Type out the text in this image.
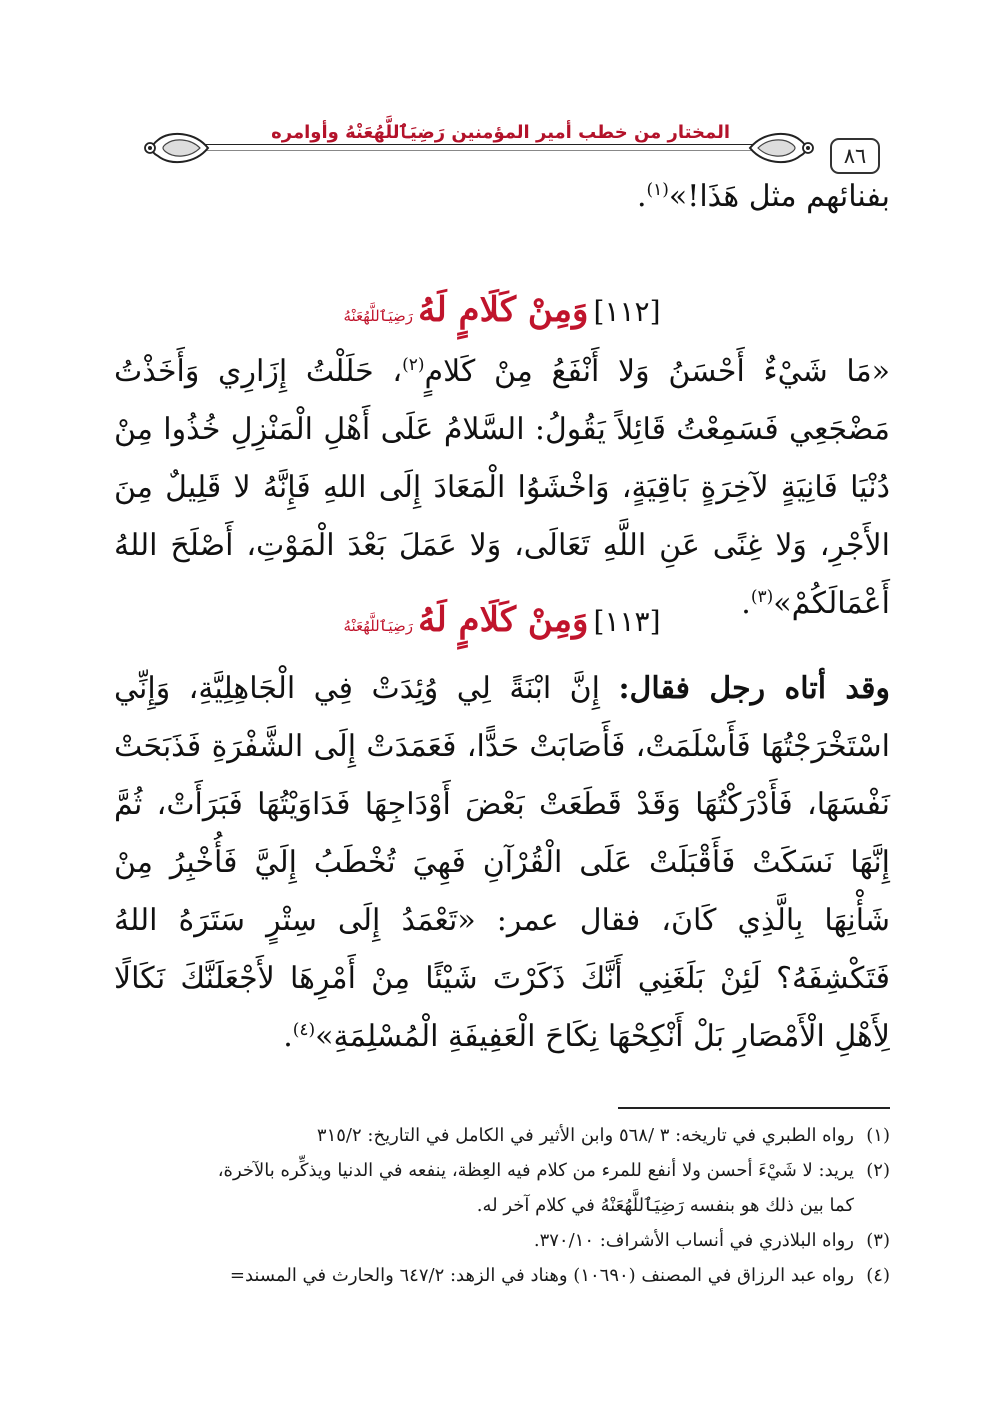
٨٦
المختار من خطب أمير المؤمنين رَضِيَٱللَّهُعَنْهُ وأوامره

بفنائهم مثل هَذَا!»$^{(١)}$.

[١١٢] وَمِنْ كَلَامٍ لَهُ رَضِيَٱللَّهُعَنْهُ

«مَا شَيْءٌ أَحْسَنُ وَلا أَنْفَعُ مِنْ كَلامٍ$^{(٢)}$، حَلَلْتُ إِزَارِي وَأَخَذْتُ مَضْجَعِي فَسَمِعْتُ قَائِلاً يَقُولُ: السَّلامُ عَلَى أَهْلِ الْمَنْزِلِ خُذُوا مِنْ دُنْيَا فَانِيَةٍ لآخِرَةٍ بَاقِيَةٍ، وَاخْشَوُا الْمَعَادَ إِلَى اللهِ فَإِنَّهُ لا قَلِيلٌ مِنَ الأَجْرِ، وَلا غِنًى عَنِ اللَّهِ تَعَالَى، وَلا عَمَلَ بَعْدَ الْمَوْتِ، أَصْلَحَ اللهُ أَعْمَالَكُمْ»$^{(٣)}$.

[١١٣] وَمِنْ كَلَامٍ لَهُ رَضِيَٱللَّهُعَنْهُ

وقد أتاه رجل فقال: إِنَّ ابْنَةً لِي وُئِدَتْ فِي الْجَاهِلِيَّةِ، وَإِنِّي اسْتَخْرَجْتُهَا فَأَسْلَمَتْ، فَأَصَابَتْ حَدًّا، فَعَمَدَتْ إِلَى الشَّفْرَةِ فَذَبَحَتْ نَفْسَهَا، فَأَدْرَكْتُهَا وَقَدْ قَطَعَتْ بَعْضَ أَوْدَاجِهَا فَدَاوَيْتُهَا فَبَرَأَتْ، ثُمَّ إِنَّهَا نَسَكَتْ فَأَقْبَلَتْ عَلَى الْقُرْآنِ فَهِيَ تُخْطَبُ إِلَيَّ فَأُخْبِرُ مِنْ شَأْنِهَا بِالَّذِي كَانَ، فقال عمر: «تَعْمَدُ إِلَى سِتْرٍ سَتَرَهُ اللهُ فَتَكْشِفَهُ؟ لَئِنْ بَلَغَنِي أَنَّكَ ذَكَرْتَ شَيْئًا مِنْ أَمْرِهَا لأَجْعَلَنَّكَ نَكَالًا لِأَهْلِ الْأَمْصَارِ بَلْ أَنْكِحْهَا نِكَاحَ الْعَفِيفَةِ الْمُسْلِمَةِ»$^{(٤)}$.

(١)رواه الطبري في تاريخه: ٣ /٥٦٨ وابن الأثير في الكامل في التاريخ: ٣١٥/٢

(٢)يريد: لا شَيْءَ أحسن ولا أنفع للمرء من كلام فيه العِظة، ينفعه في الدنيا ويذكِّره بالآخرة،

كما بين ذلك هو بنفسه رَضِيَٱللَّهُعَنْهُ في كلام آخر له.

(٣)رواه البلاذري في أنساب الأشراف: ٣٧٠/١٠.

(٤)رواه عبد الرزاق في المصنف (١٠٦٩٠) وهناد في الزهد: ٦٤٧/٢ والحارث في المسند=
